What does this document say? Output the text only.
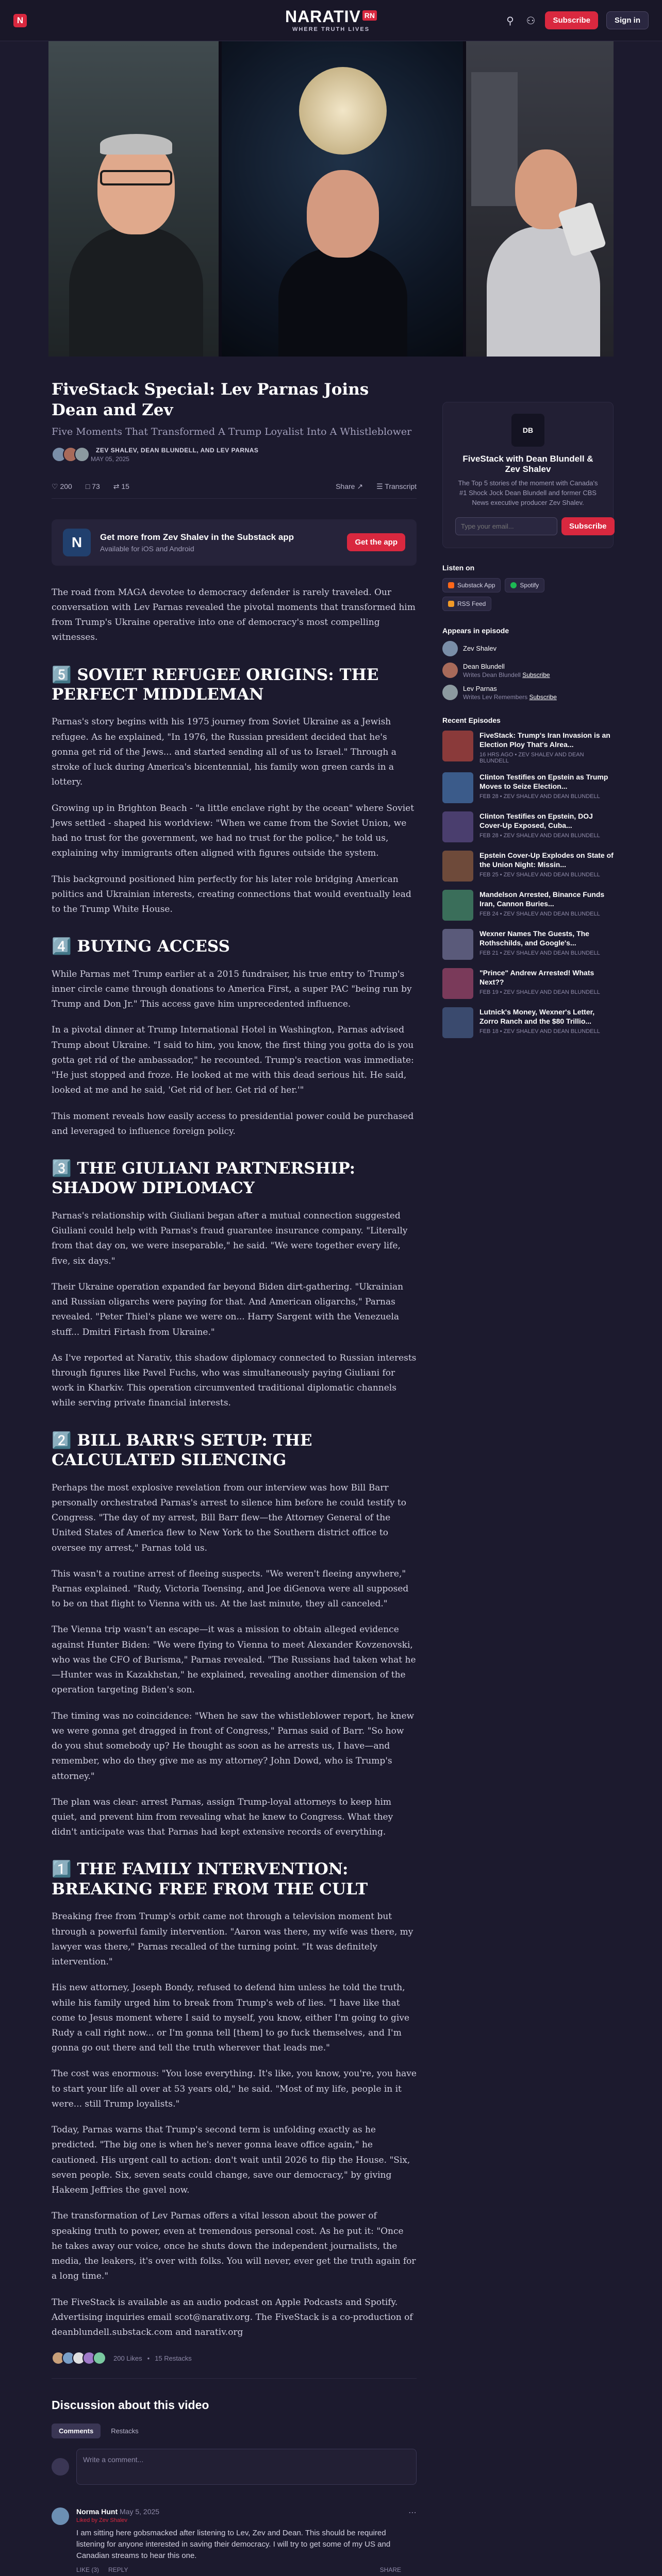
N	NARATIV RN
WHERE TRUTH LIVES
⚲ ⚇	Subscribe	Sign in
FiveStack Special: Lev Parnas Joins Dean and Zev
Five Moments That Transformed A Trump Loyalist Into A Whistleblower
ZEV SHALEV, DEAN BLUNDELL, AND LEV PARNAS
MAY 05, 2025
♡ 200 □ 73 ⇄ 15	Share ↗ ☰ Transcript
N	Get more from Zev Shalev in the Substack app
Available for iOS and Android
Get the app

The road from MAGA devotee to democracy defender is rarely traveled. Our conversation with Lev Parnas revealed the pivotal moments that transformed him from Trump's Ukraine operative into one of democracy's most compelling witnesses.

5️⃣ SOVIET REFUGEE ORIGINS: THE PERFECT MIDDLEMAN

Parnas's story begins with his 1975 journey from Soviet Ukraine as a Jewish refugee. As he explained, "In 1976, the Russian president decided that he's gonna get rid of the Jews... and started sending all of us to Israel." Through a stroke of luck during America's bicentennial, his family won green cards in a lottery.

Growing up in Brighton Beach - "a little enclave right by the ocean" where Soviet Jews settled - shaped his worldview: "When we came from the Soviet Union, we had no trust for the government, we had no trust for the police," he told us, explaining why immigrants often aligned with figures outside the system.

This background positioned him perfectly for his later role bridging American politics and Ukrainian interests, creating connections that would eventually lead to the Trump White House.

4️⃣ BUYING ACCESS

While Parnas met Trump earlier at a 2015 fundraiser, his true entry to Trump's inner circle came through donations to America First, a super PAC "being run by Trump and Don Jr." This access gave him unprecedented influence.

In a pivotal dinner at Trump International Hotel in Washington, Parnas advised Trump about Ukraine. "I said to him, you know, the first thing you gotta do is you gotta get rid of the ambassador," he recounted. Trump's reaction was immediate: "He just stopped and froze. He looked at me with this dead serious hit. He said, looked at me and he said, 'Get rid of her. Get rid of her.'"

This moment reveals how easily access to presidential power could be purchased and leveraged to influence foreign policy.

3️⃣ THE GIULIANI PARTNERSHIP: SHADOW DIPLOMACY

Parnas's relationship with Giuliani began after a mutual connection suggested Giuliani could help with Parnas's fraud guarantee insurance company. "Literally from that day on, we were inseparable," he said. "We were together every life, five, six days."

Their Ukraine operation expanded far beyond Biden dirt-gathering. "Ukrainian and Russian oligarchs were paying for that. And American oligarchs," Parnas revealed. "Peter Thiel's plane we were on... Harry Sargent with the Venezuela stuff... Dmitri Firtash from Ukraine."

As I've reported at Narativ, this shadow diplomacy connected to Russian interests through figures like Pavel Fuchs, who was simultaneously paying Giuliani for work in Kharkiv. This operation circumvented traditional diplomatic channels while serving private financial interests.

2️⃣ BILL BARR'S SETUP: THE CALCULATED SILENCING

Perhaps the most explosive revelation from our interview was how Bill Barr personally orchestrated Parnas's arrest to silence him before he could testify to Congress. "The day of my arrest, Bill Barr flew—the Attorney General of the United States of America flew to New York to the Southern district office to oversee my arrest," Parnas told us.

This wasn't a routine arrest of fleeing suspects. "We weren't fleeing anywhere," Parnas explained. "Rudy, Victoria Toensing, and Joe diGenova were all supposed to be on that flight to Vienna with us. At the last minute, they all canceled."

The Vienna trip wasn't an escape—it was a mission to obtain alleged evidence against Hunter Biden: "We were flying to Vienna to meet Alexander Kovzenovski, who was the CFO of Burisma," Parnas revealed. "The Russians had taken what he—Hunter was in Kazakhstan," he explained, revealing another dimension of the operation targeting Biden's son.

The timing was no coincidence: "When he saw the whistleblower report, he knew we were gonna get dragged in front of Congress," Parnas said of Barr. "So how do you shut somebody up? He thought as soon as he arrests us, I have—and remember, who do they give me as my attorney? John Dowd, who is Trump's attorney."

The plan was clear: arrest Parnas, assign Trump-loyal attorneys to keep him quiet, and prevent him from revealing what he knew to Congress. What they didn't anticipate was that Parnas had kept extensive records of everything.

1️⃣ THE FAMILY INTERVENTION: BREAKING FREE FROM THE CULT

Breaking free from Trump's orbit came not through a television moment but through a powerful family intervention. "Aaron was there, my wife was there, my lawyer was there," Parnas recalled of the turning point. "It was definitely intervention."

His new attorney, Joseph Bondy, refused to defend him unless he told the truth, while his family urged him to break from Trump's web of lies. "I have like that come to Jesus moment where I said to myself, you know, either I'm going to give Rudy a call right now... or I'm gonna tell [them] to go fuck themselves, and I'm gonna go out there and tell the truth wherever that leads me."

The cost was enormous: "You lose everything. It's like, you know, you're, you have to start your life all over at 53 years old," he said. "Most of my life, people in it were... still Trump loyalists."

Today, Parnas warns that Trump's second term is unfolding exactly as he predicted. "The big one is when he's never gonna leave office again," he cautioned. His urgent call to action: don't wait until 2026 to flip the House. "Six, seven people. Six, seven seats could change, save our democracy," by giving Hakeem Jeffries the gavel now.

The transformation of Lev Parnas offers a vital lesson about the power of speaking truth to power, even at tremendous personal cost. As he put it: "Once he takes away our voice, once he shuts down the independent journalists, the media, the leakers, it's over with folks. You will never, ever get the truth again for a long time."

The FiveStack is available as an audio podcast on Apple Podcasts and Spotify. Advertising inquiries email scot@narativ.org. The FiveStack is a co-production of deanblundell.substack.com and narativ.org

200 Likes • 15 Restacks
Discussion about this video
Comments	Restacks
Write a comment...
Norma Hunt May 5, 2025
Liked by Zev Shalev
I am sitting here gobsmacked after listening to Lev, Zev and Dean. This should be required listening for anyone interested in saving their democracy. I will try to get some of my US and Canadian streams to hear this one.
LIKE (3) REPLY	SHARE
⋯
DB
FiveStack with Dean Blundell & Zev Shalev
The Top 5 stories of the moment with Canada's #1 Shock Jock Dean Blundell and former CBS News executive producer Zev Shalev.
Type your email...
Subscribe
Listen on
Substack App	Spotify
RSS Feed
Appears in episode
Zev Shalev
Dean Blundell
Writes Dean Blundell Subscribe
Lev Parnas
Writes Lev Remembers Subscribe
Recent Episodes
FiveStack: Trump's Iran Invasion is an Election Ploy That's Alrea...
16 HRS AGO • ZEV SHALEV AND DEAN BLUNDELL
Clinton Testifies on Epstein as Trump Moves to Seize Election...
FEB 28 • ZEV SHALEV AND DEAN BLUNDELL
Clinton Testifies on Epstein, DOJ Cover-Up Exposed, Cuba...
FEB 28 • ZEV SHALEV AND DEAN BLUNDELL
Epstein Cover-Up Explodes on State of the Union Night: Missin...
FEB 25 • ZEV SHALEV AND DEAN BLUNDELL
Mandelson Arrested, Binance Funds Iran, Cannon Buries...
FEB 24 • ZEV SHALEV AND DEAN BLUNDELL
Wexner Names The Guests, The Rothschilds, and Google's...
FEB 21 • ZEV SHALEV AND DEAN BLUNDELL
"Prince" Andrew Arrested! Whats Next??
FEB 19 • ZEV SHALEV AND DEAN BLUNDELL
Lutnick's Money, Wexner's Letter, Zorro Ranch and the $80 Trillio...
FEB 18 • ZEV SHALEV AND DEAN BLUNDELL
